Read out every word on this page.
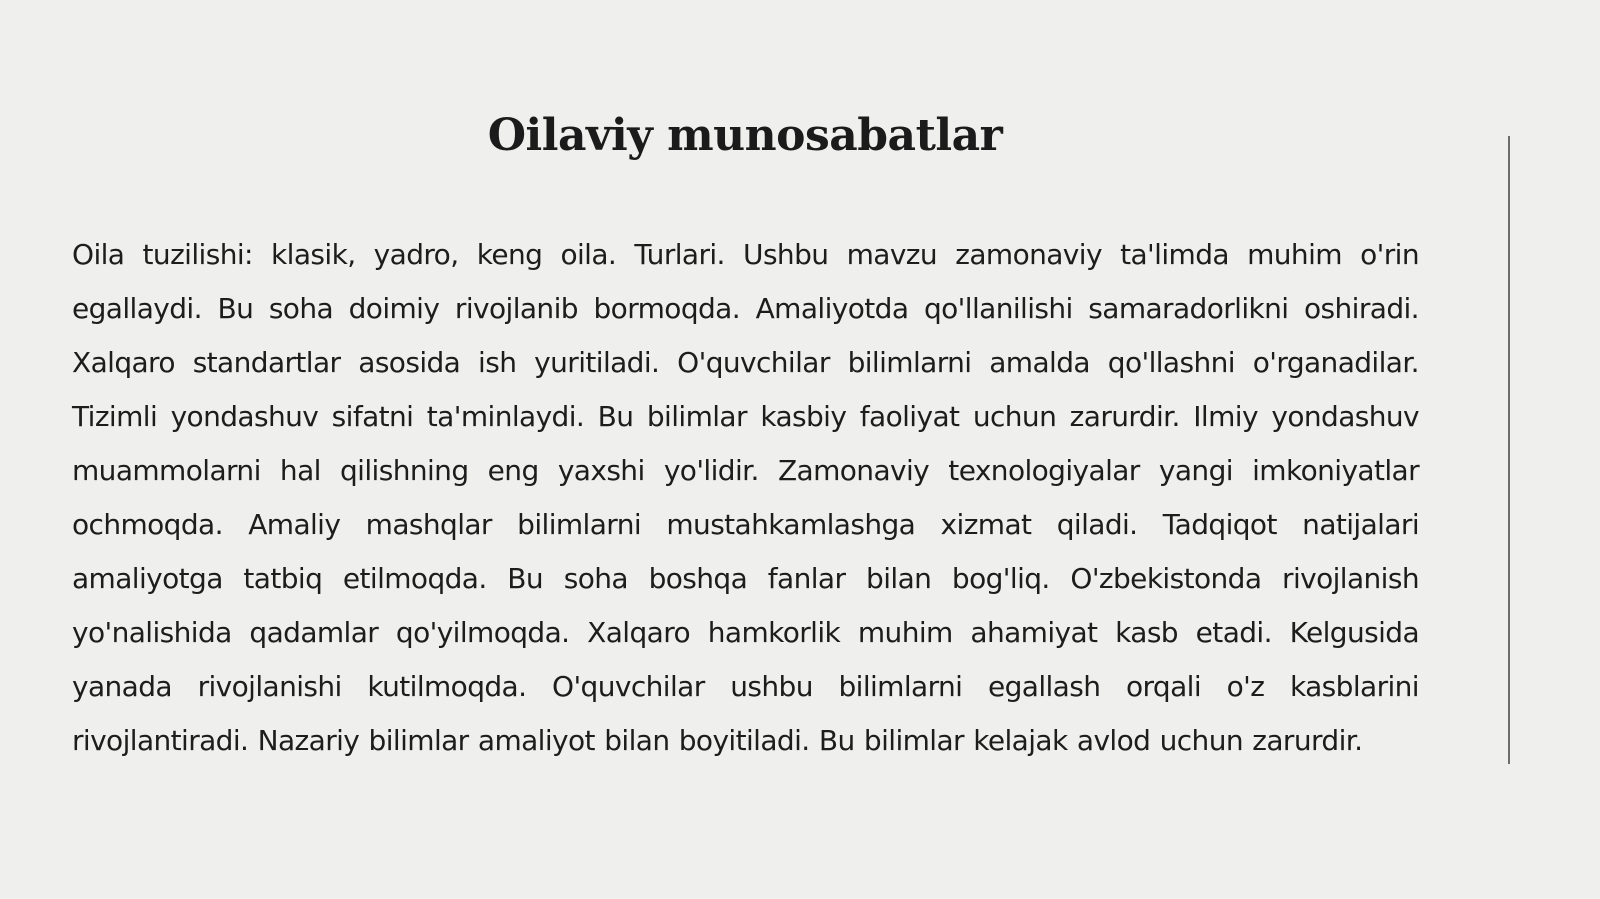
Oilaviy munosabatlar

Oila tuzilishi: klasik, yadro, keng oila. Turlari. Ushbu mavzu zamonaviy ta'limda muhim o'rin egallaydi. Bu soha doimiy rivojlanib bormoqda. Amaliyotda qo'llanilishi samaradorlikni oshiradi. Xalqaro standartlar asosida ish yuritiladi. O'quvchilar bilimlarni amalda qo'llashni o'rganadilar. Tizimli yondashuv sifatni ta'minlaydi. Bu bilimlar kasbiy faoliyat uchun zarurdir. Ilmiy yondashuv muammolarni hal qilishning eng yaxshi yo'lidir. Zamonaviy texnologiyalar yangi imkoniyatlar ochmoqda. Amaliy mashqlar bilimlarni mustahkamlashga xizmat qiladi. Tadqiqot natijalari amaliyotga tatbiq etilmoqda. Bu soha boshqa fanlar bilan bog'liq. O'zbekistonda rivojlanish yo'nalishida qadamlar qo'yilmoqda. Xalqaro hamkorlik muhim ahamiyat kasb etadi. Kelgusida yanada rivojlanishi kutilmoqda. O'quvchilar ushbu bilimlarni egallash orqali o'z kasblarini rivojlantiradi. Nazariy bilimlar amaliyot bilan boyitiladi. Bu bilimlar kelajak avlod uchun zarurdir.
